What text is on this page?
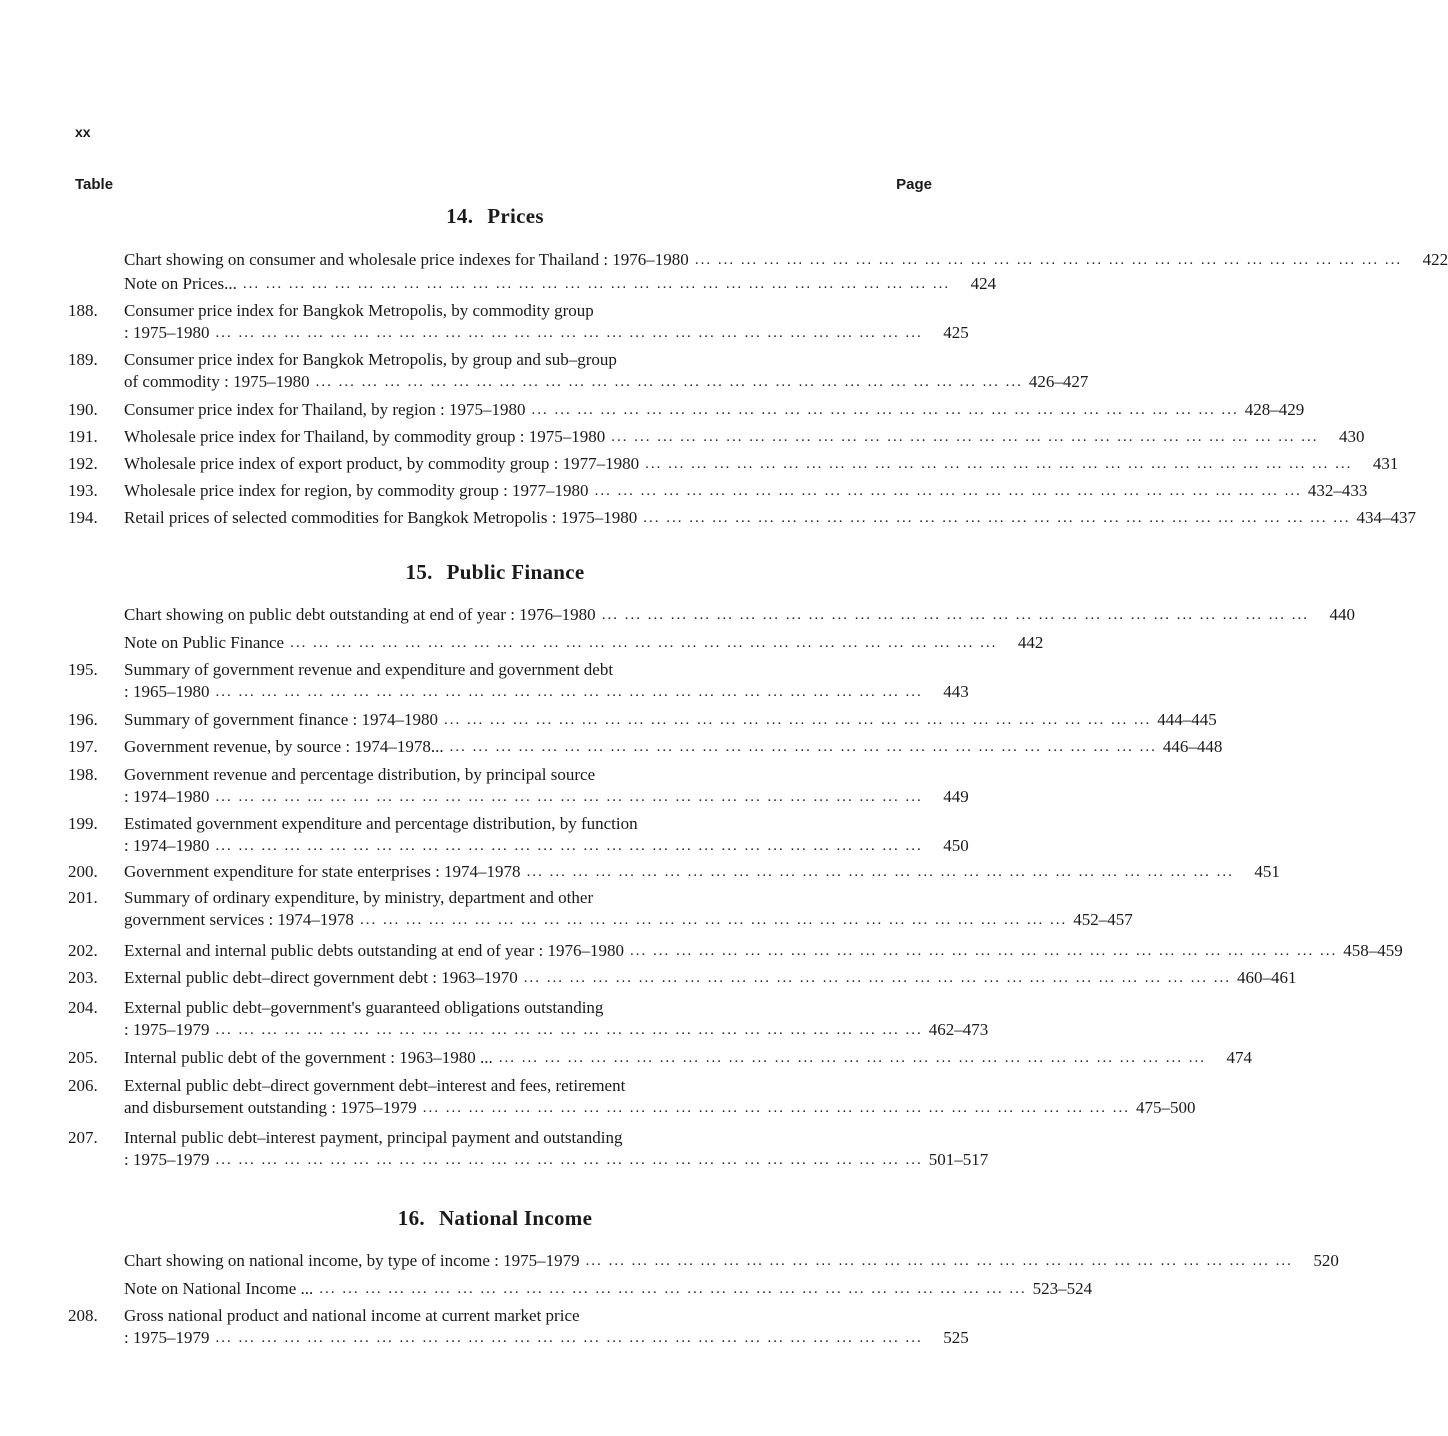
xx
Table	Page
14. Prices
Chart showing on consumer and wholesale price indexes for Thailand : 1976–1980 ... ... ... ... ... ... ... ... ... ... ... ... ... ... ... ... ... ... ... ... ... ... ... ... ... ... ... ... ... ... ...	422
Note on Prices... ... ... ... ... ... ... ... ... ... ... ... ... ... ... ... ... ... ... ... ... ... ... ... ... ... ... ... ... ... ... ...	424
188.	Consumer price index for Bangkok Metropolis, by commodity group
: 1975–1980 ... ... ... ... ... ... ... ... ... ... ... ... ... ... ... ... ... ... ... ... ... ... ... ... ... ... ... ... ... ... ...	425
189.	Consumer price index for Bangkok Metropolis, by group and sub–group
of commodity : 1975–1980 ... ... ... ... ... ... ... ... ... ... ... ... ... ... ... ... ... ... ... ... ... ... ... ... ... ... ... ... ... ... ... 426–427
190.	Consumer price index for Thailand, by region : 1975–1980 ... ... ... ... ... ... ... ... ... ... ... ... ... ... ... ... ... ... ... ... ... ... ... ... ... ... ... ... ... ... ... 428–429
191.	Wholesale price index for Thailand, by commodity group : 1975–1980 ... ... ... ... ... ... ... ... ... ... ... ... ... ... ... ... ... ... ... ... ... ... ... ... ... ... ... ... ... ... ...	430
192.	Wholesale price index of export product, by commodity group : 1977–1980 ... ... ... ... ... ... ... ... ... ... ... ... ... ... ... ... ... ... ... ... ... ... ... ... ... ... ... ... ... ... ...	431
193.	Wholesale price index for region, by commodity group : 1977–1980 ... ... ... ... ... ... ... ... ... ... ... ... ... ... ... ... ... ... ... ... ... ... ... ... ... ... ... ... ... ... ... 432–433
194.	Retail prices of selected commodities for Bangkok Metropolis : 1975–1980 ... ... ... ... ... ... ... ... ... ... ... ... ... ... ... ... ... ... ... ... ... ... ... ... ... ... ... ... ... ... ... 434–437
15. Public Finance
Chart showing on public debt outstanding at end of year : 1976–1980 ... ... ... ... ... ... ... ... ... ... ... ... ... ... ... ... ... ... ... ... ... ... ... ... ... ... ... ... ... ... ...	440
Note on Public Finance ... ... ... ... ... ... ... ... ... ... ... ... ... ... ... ... ... ... ... ... ... ... ... ... ... ... ... ... ... ... ...	442
195.	Summary of government revenue and expenditure and government debt
: 1965–1980 ... ... ... ... ... ... ... ... ... ... ... ... ... ... ... ... ... ... ... ... ... ... ... ... ... ... ... ... ... ... ...	443
196.	Summary of government finance : 1974–1980 ... ... ... ... ... ... ... ... ... ... ... ... ... ... ... ... ... ... ... ... ... ... ... ... ... ... ... ... ... ... ... 444–445
197.	Government revenue, by source : 1974–1978... ... ... ... ... ... ... ... ... ... ... ... ... ... ... ... ... ... ... ... ... ... ... ... ... ... ... ... ... ... ... ... 446–448
198.	Government revenue and percentage distribution, by principal source
: 1974–1980 ... ... ... ... ... ... ... ... ... ... ... ... ... ... ... ... ... ... ... ... ... ... ... ... ... ... ... ... ... ... ...	449
199.	Estimated government expenditure and percentage distribution, by function
: 1974–1980 ... ... ... ... ... ... ... ... ... ... ... ... ... ... ... ... ... ... ... ... ... ... ... ... ... ... ... ... ... ... ...	450
200.	Government expenditure for state enterprises : 1974–1978 ... ... ... ... ... ... ... ... ... ... ... ... ... ... ... ... ... ... ... ... ... ... ... ... ... ... ... ... ... ... ...	451
201.	Summary of ordinary expenditure, by ministry, department and other
government services : 1974–1978 ... ... ... ... ... ... ... ... ... ... ... ... ... ... ... ... ... ... ... ... ... ... ... ... ... ... ... ... ... ... ... 452–457
202.	External and internal public debts outstanding at end of year : 1976–1980 ... ... ... ... ... ... ... ... ... ... ... ... ... ... ... ... ... ... ... ... ... ... ... ... ... ... ... ... ... ... ... 458–459
203.	External public debt–direct government debt : 1963–1970 ... ... ... ... ... ... ... ... ... ... ... ... ... ... ... ... ... ... ... ... ... ... ... ... ... ... ... ... ... ... ... 460–461
204.	External public debt–government's guaranteed obligations outstanding
: 1975–1979 ... ... ... ... ... ... ... ... ... ... ... ... ... ... ... ... ... ... ... ... ... ... ... ... ... ... ... ... ... ... ... 462–473
205.	Internal public debt of the government : 1963–1980 ... ... ... ... ... ... ... ... ... ... ... ... ... ... ... ... ... ... ... ... ... ... ... ... ... ... ... ... ... ... ... ...	474
206.	External public debt–direct government debt–interest and fees, retirement
and disbursement outstanding : 1975–1979 ... ... ... ... ... ... ... ... ... ... ... ... ... ... ... ... ... ... ... ... ... ... ... ... ... ... ... ... ... ... ... 475–500
207.	Internal public debt–interest payment, principal payment and outstanding
: 1975–1979 ... ... ... ... ... ... ... ... ... ... ... ... ... ... ... ... ... ... ... ... ... ... ... ... ... ... ... ... ... ... ... 501–517
16. National Income
Chart showing on national income, by type of income : 1975–1979 ... ... ... ... ... ... ... ... ... ... ... ... ... ... ... ... ... ... ... ... ... ... ... ... ... ... ... ... ... ... ...	520
Note on National Income ... ... ... ... ... ... ... ... ... ... ... ... ... ... ... ... ... ... ... ... ... ... ... ... ... ... ... ... ... ... ... ... 523–524
208.	Gross national product and national income at current market price
: 1975–1979 ... ... ... ... ... ... ... ... ... ... ... ... ... ... ... ... ... ... ... ... ... ... ... ... ... ... ... ... ... ... ...	525
